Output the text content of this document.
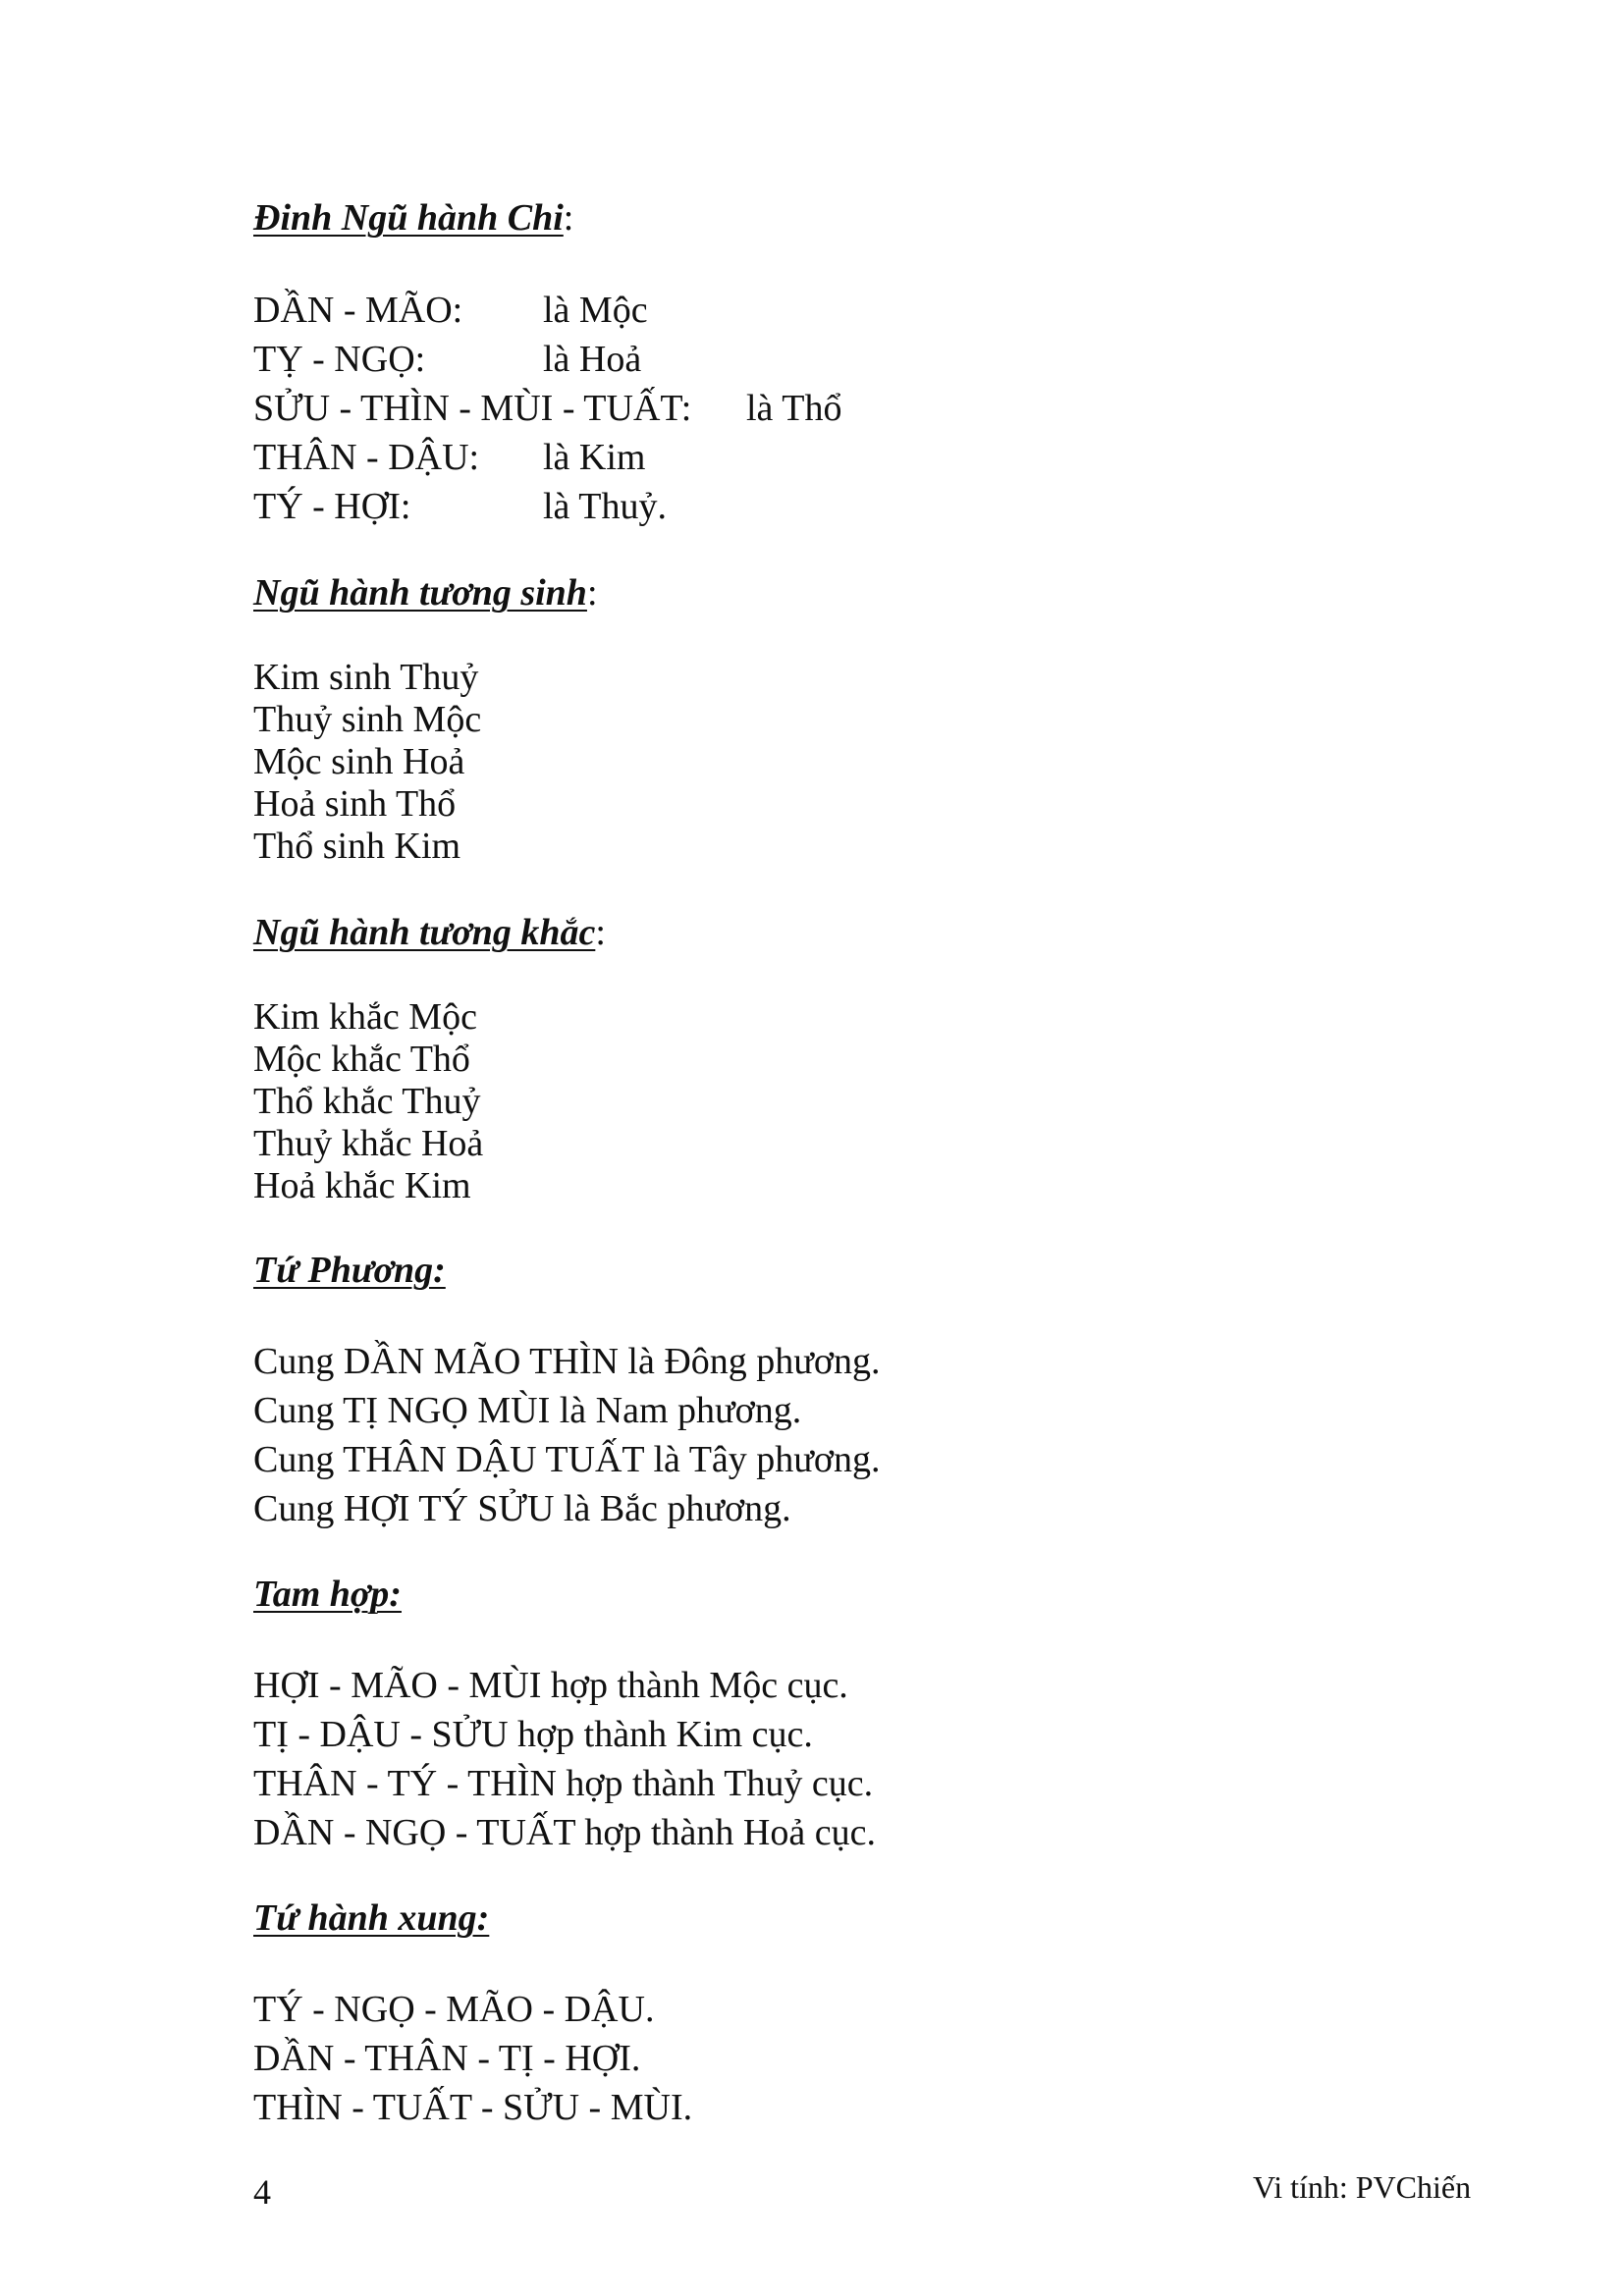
Đinh Ngũ hành Chi:

DẦN - MÃO: là Mộc
TỴ - NGỌ:	là Hoả
SỬU - THÌN - MÙI - TUẤT: là Thổ
THÂN - DẬU: là Kim
TÝ - HỢI:	là Thuỷ.

Ngũ hành tương sinh:

Kim sinh Thuỷ

Thuỷ sinh Mộc

Mộc sinh Hoả

Hoả sinh Thổ

Thổ sinh Kim

Ngũ hành tương khắc:

Kim khắc Mộc

Mộc khắc Thổ

Thổ khắc Thuỷ

Thuỷ khắc Hoả

Hoả khắc Kim

Tứ Phương:

Cung DẦN MÃO THÌN là Đông phương.

Cung TỊ NGỌ MÙI là Nam phương.

Cung THÂN DẬU TUẤT là Tây phương.

Cung HỢI TÝ SỬU là Bắc phương.

Tam hợp:

HỢI - MÃO - MÙI hợp thành Mộc cục.

TỊ - DẬU - SỬU hợp thành Kim cục.

THÂN - TÝ - THÌN hợp thành Thuỷ cục.

DẦN - NGỌ - TUẤT hợp thành Hoả cục.

Tứ hành xung:

TÝ - NGỌ - MÃO - DẬU.

DẦN - THÂN - TỊ - HỢI.

THÌN - TUẤT - SỬU - MÙI.

4	Vi tính: PVChiến
